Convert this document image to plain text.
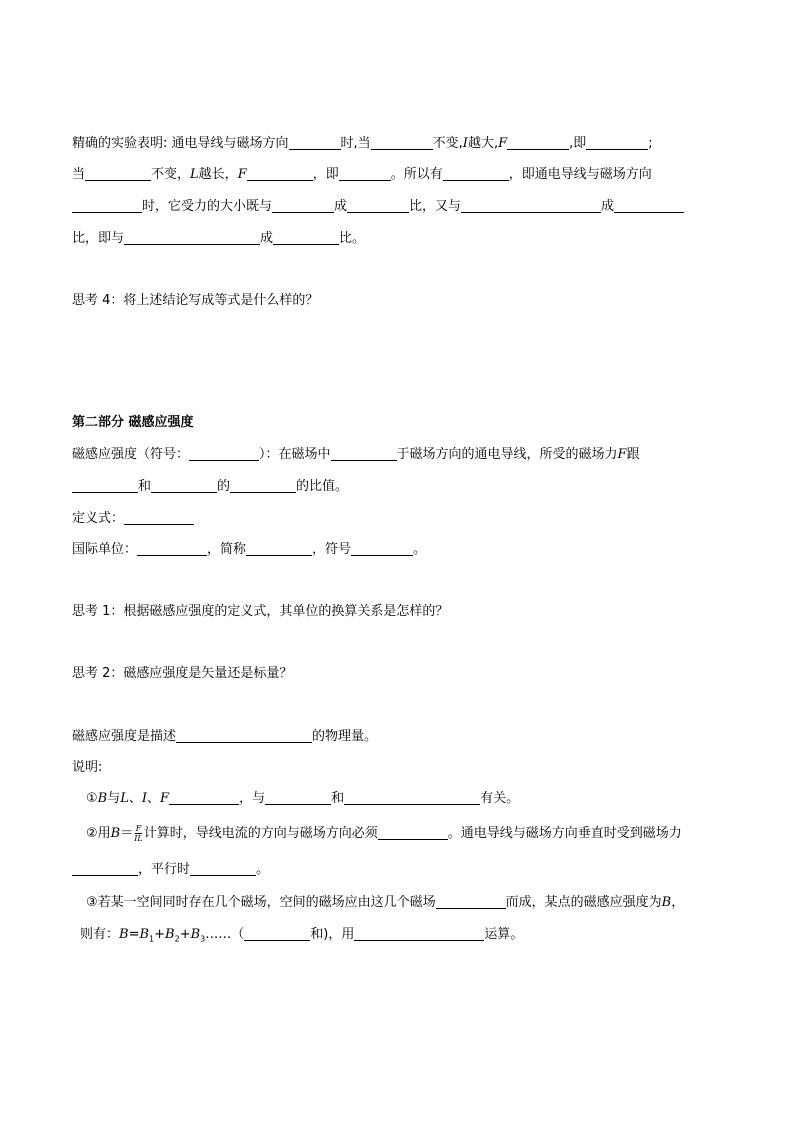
精确的实验表明: 通电导线与磁场方向	时,当	不变,I越大,F	,即	;
当	不变，L越长，F	，即	。所以有	，即通电导线与磁场方向
时，它受力的大小既与	成	比，又与	成
比，即与	成	比。
思考 4：将上述结论写成等式是什么样的？
第二部分 磁感应强度
磁感应强度（符号：	）：在磁场中	于磁场方向的通电导线，所受的磁场力F跟
和	的	的比值。
定义式：
国际单位：	，简称	，符号	。
思考 1：根据磁感应强度的定义式，其单位的换算关系是怎样的？
思考 2：磁感应强度是矢量还是标量？
磁感应强度是描述	的物理量。
说明:
①B与L、I、F	，与	和	有关。
②用$B= \frac{F}{IL}$ 计算时，导线电流的方向与磁场方向必须	。通电导线与磁场方向垂直时受到磁场力
，平行时	。
③若某一空间同时存在几个磁场，空间的磁场应由这几个磁场	而成，某点的磁感应强度为B，
则有：$B=B_1+B_2+B_3\dots\dots$（	和)，用	运算。
